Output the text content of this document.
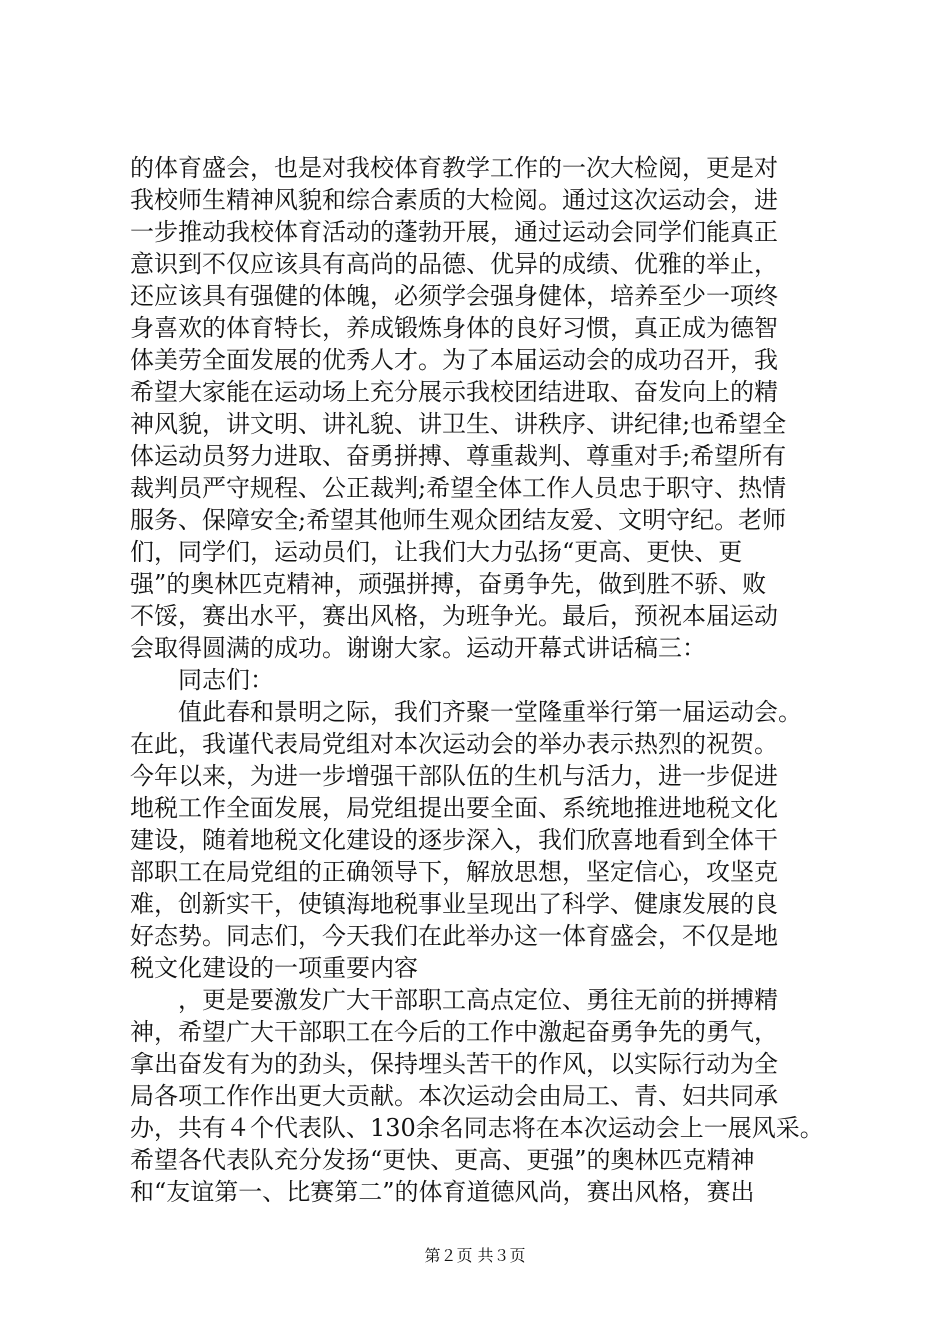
的体育盛会，也是对我校体育教学工作的一次大检阅，更是对
我校师生精神风貌和综合素质的大检阅。通过这次运动会，进
一步推动我校体育活动的蓬勃开展，通过运动会同学们能真正
意识到不仅应该具有高尚的品德、优异的成绩、优雅的举止，
还应该具有强健的体魄，必须学会强身健体，培养至少一项终
身喜欢的体育特长，养成锻炼身体的良好习惯，真正成为德智
体美劳全面发展的优秀人才。为了本届运动会的成功召开，我
希望大家能在运动场上充分展示我校团结进取、奋发向上的精
神风貌，讲文明、讲礼貌、讲卫生、讲秩序、讲纪律;也希望全
体运动员努力进取、奋勇拼搏、尊重裁判、尊重对手;希望所有
裁判员严守规程、公正裁判;希望全体工作人员忠于职守、热情
服务、保障安全;希望其他师生观众团结友爱、文明守纪。老师
们，同学们，运动员们，让我们大力弘扬“更高、更快、更
强”的奥林匹克精神，顽强拼搏，奋勇争先，做到胜不骄、败
不馁，赛出水平，赛出风格，为班争光。最后，预祝本届运动
会取得圆满的成功。谢谢大家。运动开幕式讲话稿三：
　　同志们：
　　值此春和景明之际，我们齐聚一堂隆重举行第一届运动会。
在此，我谨代表局党组对本次运动会的举办表示热烈的祝贺。
今年以来，为进一步增强干部队伍的生机与活力，进一步促进
地税工作全面发展，局党组提出要全面、系统地推进地税文化
建设，随着地税文化建设的逐步深入，我们欣喜地看到全体干
部职工在局党组的正确领导下，解放思想，坚定信心，攻坚克
难，创新实干，使镇海地税事业呈现出了科学、健康发展的良
好态势。同志们，今天我们在此举办这一体育盛会，不仅是地
税文化建设的一项重要内容
　　，更是要激发广大干部职工高点定位、勇往无前的拼搏精
神，希望广大干部职工在今后的工作中激起奋勇争先的勇气，
拿出奋发有为的劲头，保持埋头苦干的作风，以实际行动为全
局各项工作作出更大贡献。本次运动会由局工、青、妇共同承
办，共有４个代表队、130余名同志将在本次运动会上一展风采。
希望各代表队充分发扬“更快、更高、更强”的奥林匹克精神
和“友谊第一、比赛第二”的体育道德风尚，赛出风格，赛出
第２页 共３页
